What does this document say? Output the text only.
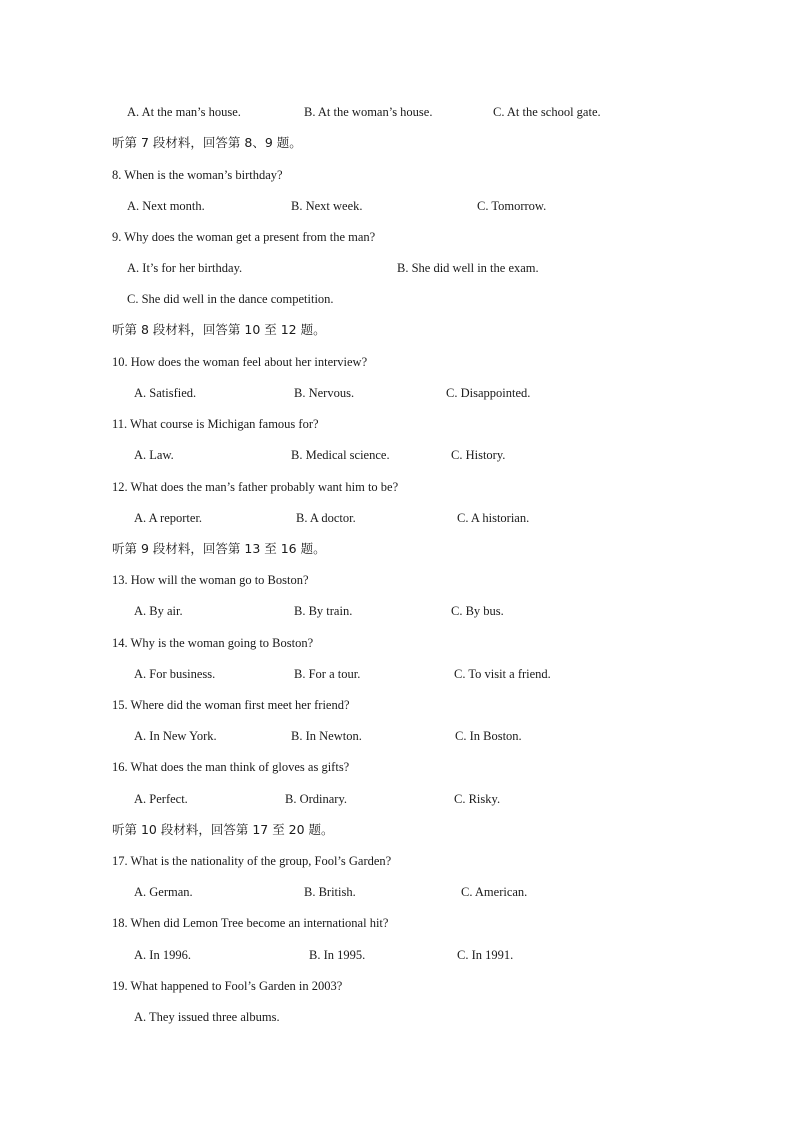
A. At the man’s house.	B. At the woman’s house.	C. At the school gate.
听第 7 段材料，回答第 8、9 题。
8. When is the woman’s birthday?
A. Next month.	B. Next week.	C. Tomorrow.
9. Why does the woman get a present from the man?
A. It’s for her birthday.	B. She did well in the exam.
C. She did well in the dance competition.
听第 8 段材料，回答第 10 至 12 题。
10. How does the woman feel about her interview?
A. Satisfied.	B. Nervous.	C. Disappointed.
11. What course is Michigan famous for?
A. Law.	B. Medical science.	C. History.
12. What does the man’s father probably want him to be?
A. A reporter.	B. A doctor.	C. A historian.
听第 9 段材料，回答第 13 至 16 题。
13. How will the woman go to Boston?
A. By air.	B. By train.	C. By bus.
14. Why is the woman going to Boston?
A. For business.	B. For a tour.	C. To visit a friend.
15. Where did the woman first meet her friend?
A. In New York.	B. In Newton.	C. In Boston.
16. What does the man think of gloves as gifts?
A. Perfect.	B. Ordinary.	C. Risky.
听第 10 段材料，回答第 17 至 20 题。
17. What is the nationality of the group, Fool’s Garden?
A. German.	B. British.	C. American.
18. When did Lemon Tree become an international hit?
A. In 1996.	B. In 1995.	C. In 1991.
19. What happened to Fool’s Garden in 2003?
A. They issued three albums.
